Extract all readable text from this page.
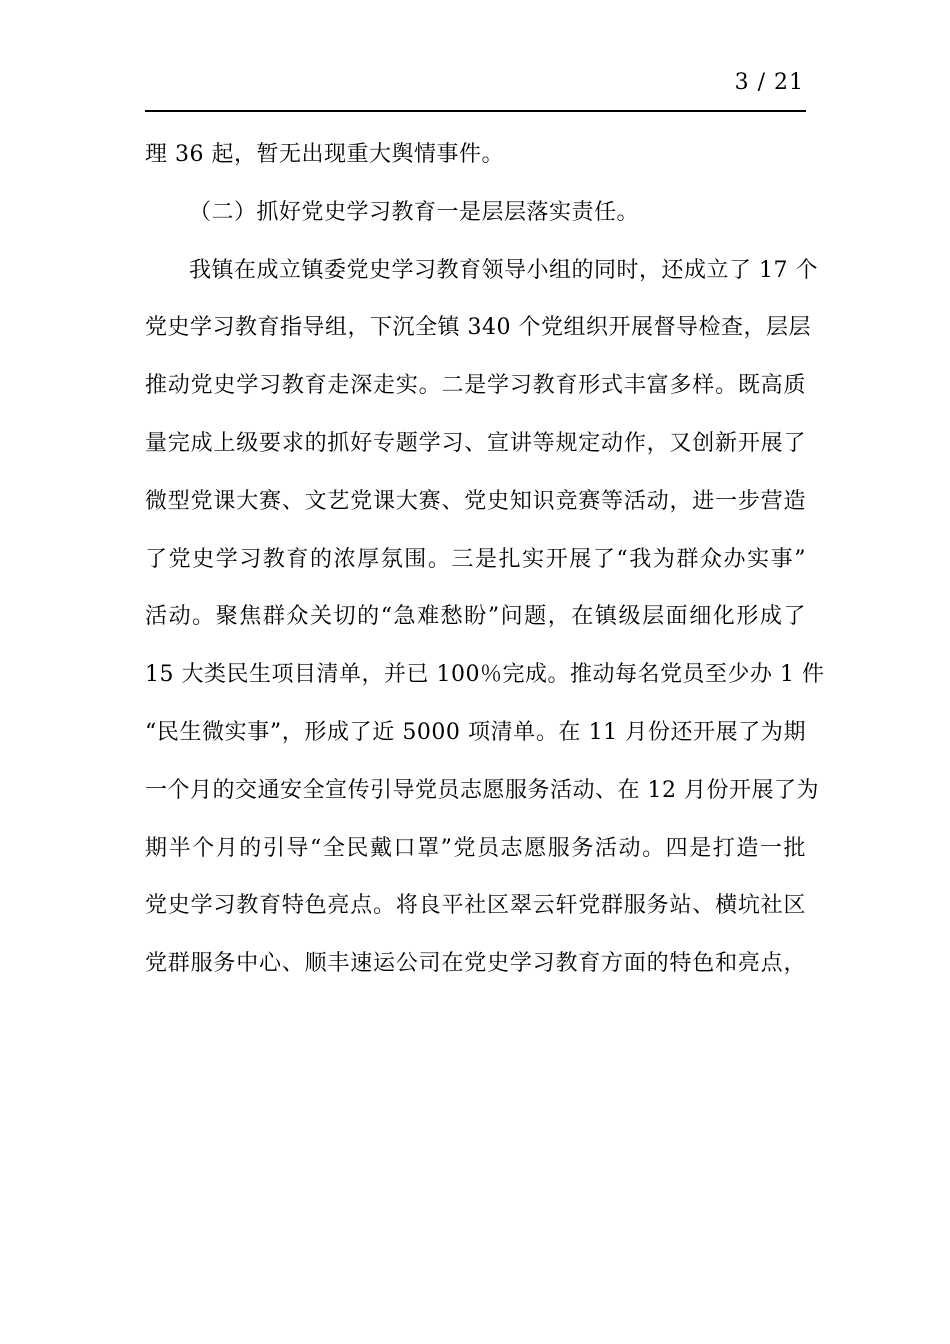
3 / 21
理 36 起，暂无出现重大舆情事件。
（二）抓好党史学习教育一是层层落实责任。
我镇在成立镇委党史学习教育领导小组的同时，还成立了 17 个
党史学习教育指导组，下沉全镇 340 个党组织开展督导检查，层层
推动党史学习教育走深走实。二是学习教育形式丰富多样。既高质
量完成上级要求的抓好专题学习、宣讲等规定动作，又创新开展了
微型党课大赛、文艺党课大赛、党史知识竞赛等活动，进一步营造
了党史学习教育的浓厚氛围。三是扎实开展了“我为群众办实事”
活动。聚焦群众关切的“急难愁盼”问题，在镇级层面细化形成了
15 大类民生项目清单，并已 100％完成。推动每名党员至少办 1 件
“民生微实事”，形成了近 5000 项清单。在 11 月份还开展了为期
一个月的交通安全宣传引导党员志愿服务活动、在 12 月份开展了为
期半个月的引导“全民戴口罩”党员志愿服务活动。四是打造一批
党史学习教育特色亮点。将良平社区翠云轩党群服务站、横坑社区
党群服务中心、顺丰速运公司在党史学习教育方面的特色和亮点，
